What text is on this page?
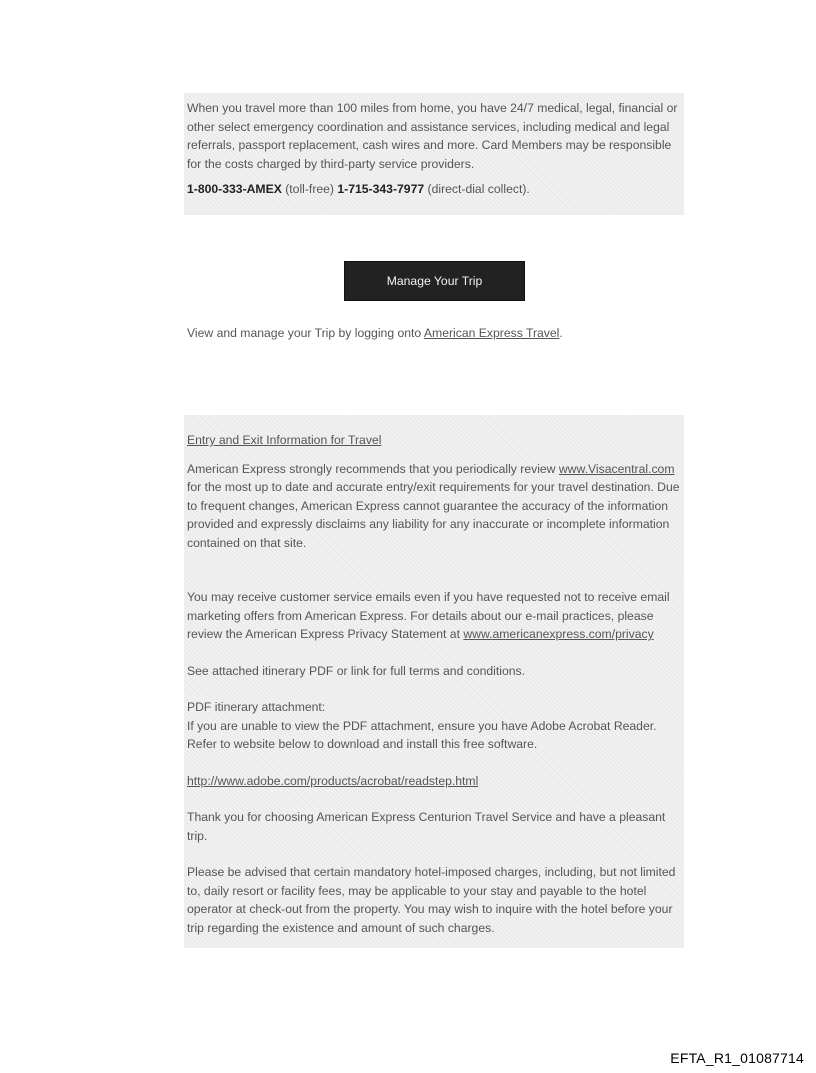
When you travel more than 100 miles from home, you have 24/7 medical, legal, financial or other select emergency coordination and assistance services, including medical and legal referrals, passport replacement, cash wires and more. Card Members may be responsible for the costs charged by third-party service providers.

1-800-333-AMEX (toll-free) 1-715-343-7977 (direct-dial collect).

Manage Your Trip

View and manage your Trip by logging onto American Express Travel.

Entry and Exit Information for Travel

American Express strongly recommends that you periodically review www.Visacentral.com for the most up to date and accurate entry/exit requirements for your travel destination. Due to frequent changes, American Express cannot guarantee the accuracy of the information provided and expressly disclaims any liability for any inaccurate or incomplete information contained on that site.

You may receive customer service emails even if you have requested not to receive email marketing offers from American Express. For details about our e-mail practices, please review the American Express Privacy Statement at www.americanexpress.com/privacy

See attached itinerary PDF or link for full terms and conditions.

PDF itinerary attachment:
If you are unable to view the PDF attachment, ensure you have Adobe Acrobat Reader. Refer to website below to download and install this free software.

http://www.adobe.com/products/acrobat/readstep.html

Thank you for choosing American Express Centurion Travel Service and have a pleasant trip.

Please be advised that certain mandatory hotel-imposed charges, including, but not limited to, daily resort or facility fees, may be applicable to your stay and payable to the hotel operator at check-out from the property. You may wish to inquire with the hotel before your trip regarding the existence and amount of such charges.

EFTA_R1_01087714
